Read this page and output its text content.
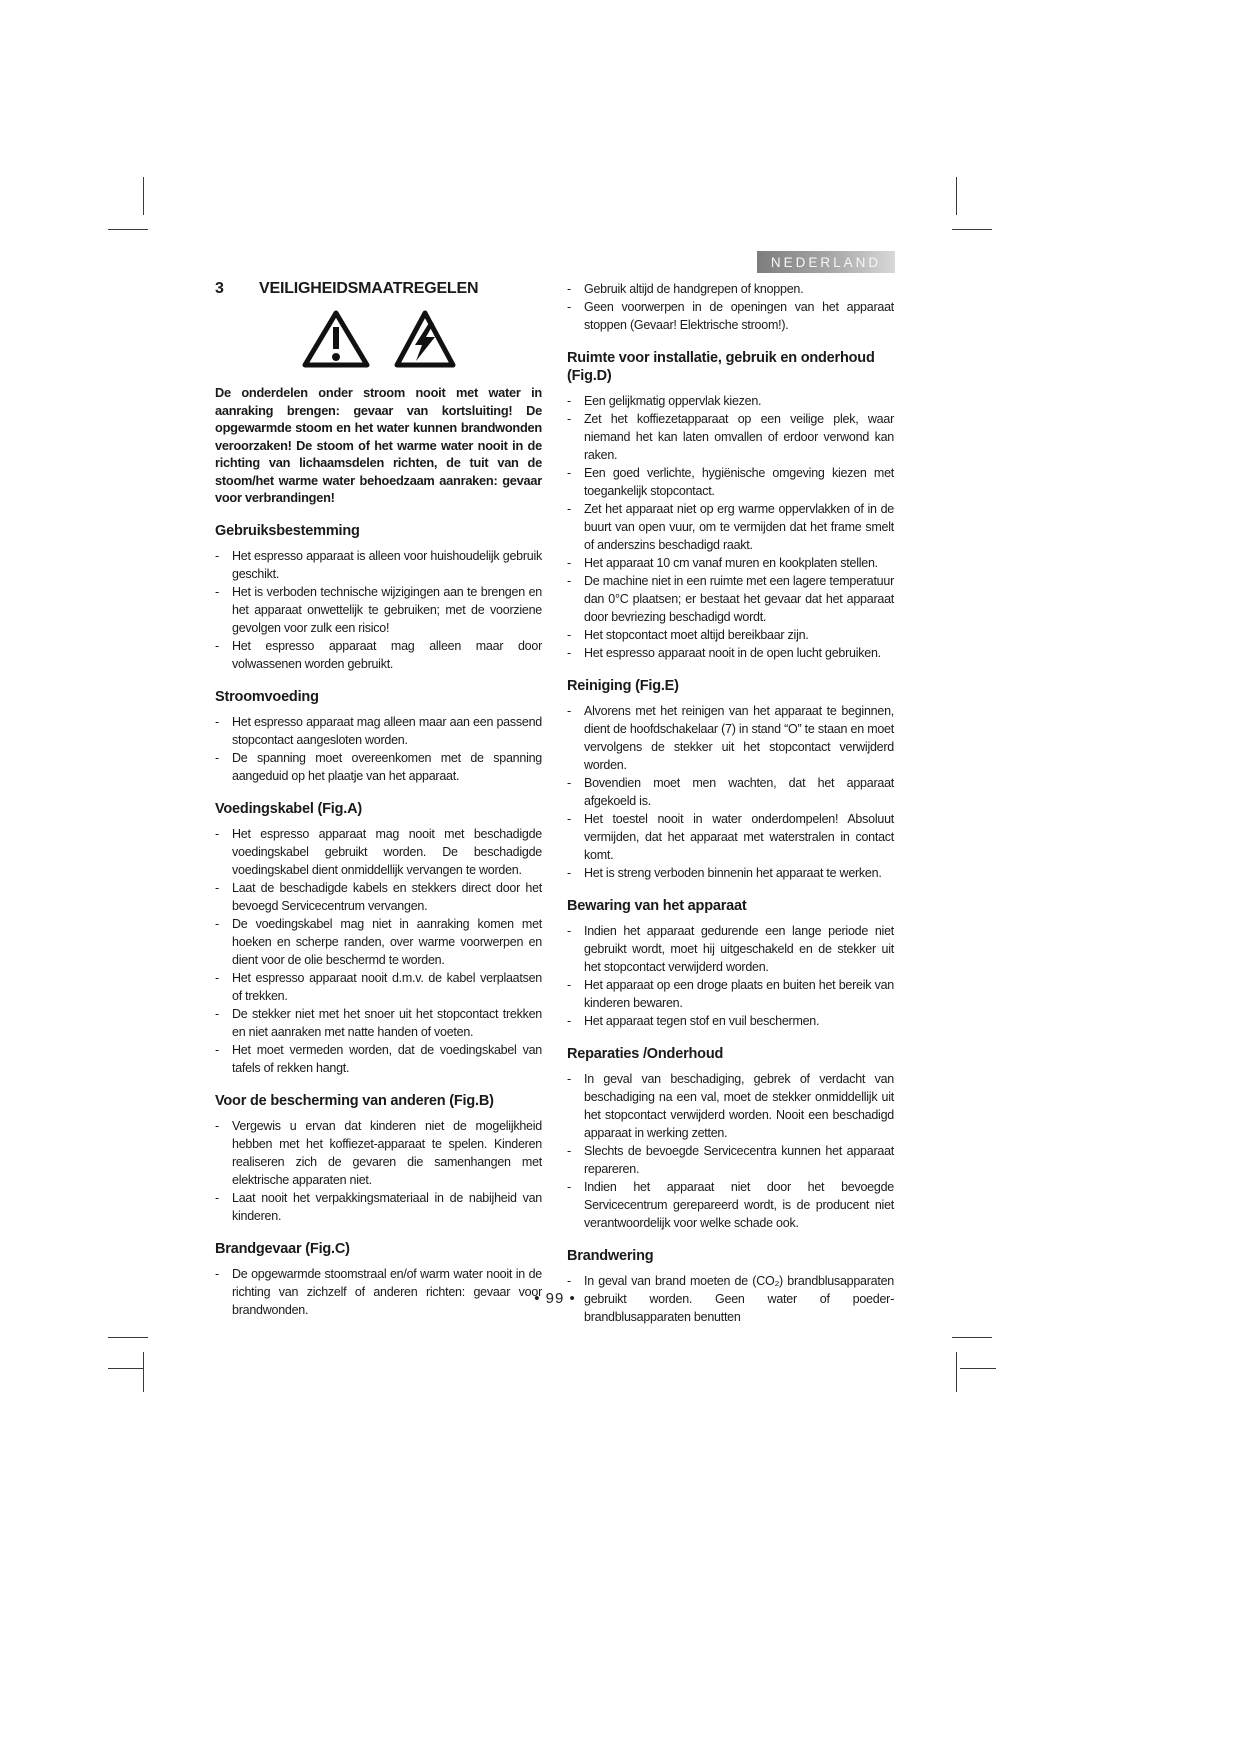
NEDERLAND
3	VEILIGHEIDSMAATREGELEN

De onderdelen onder stroom nooit met water in aanraking brengen: gevaar van kortsluiting! De opgewarmde stoom en het water kunnen brandwonden veroorzaken! De stoom of het warme water nooit in de richting van lichaamsdelen richten, de tuit van de stoom/het warme water behoedzaam aanraken: gevaar voor verbrandingen!

Gebruiksbestemming
-	Het espresso apparaat is alleen voor huishoudelijk gebruik geschikt.
-	Het is verboden technische wijzigingen aan te brengen en het apparaat onwettelijk te gebruiken; met de voorziene gevolgen voor zulk een risico!
-	Het espresso apparaat mag alleen maar door volwassenen worden gebruikt.
Stroomvoeding
-	Het espresso apparaat mag alleen maar aan een passend stopcontact aangesloten worden.
-	De spanning moet overeenkomen met de spanning aangeduid op het plaatje van het apparaat.
Voedingskabel (Fig.A)
-	Het espresso apparaat mag nooit met beschadigde voedingskabel gebruikt worden. De beschadigde voedingskabel dient onmiddellijk vervangen te worden.
-	Laat de beschadigde kabels en stekkers direct door het bevoegd Servicecentrum vervangen.
-	De voedingskabel mag niet in aanraking komen met hoeken en scherpe randen, over warme voorwerpen en dient voor de olie beschermd te worden.
-	Het espresso apparaat nooit d.m.v. de kabel verplaatsen of trekken.
-	De stekker niet met het snoer uit het stopcontact trekken en niet aanraken met natte handen of voeten.
-	Het moet vermeden worden, dat de voedingskabel van tafels of rekken hangt.
Voor de bescherming van anderen (Fig.B)
-	Vergewis u ervan dat kinderen niet de mogelijkheid hebben met het koffiezet-apparaat te spelen. Kinderen realiseren zich de gevaren die samenhangen met elektrische apparaten niet.
-	Laat nooit het verpakkingsmateriaal in de nabijheid van kinderen.
Brandgevaar (Fig.C)
-	De opgewarmde stoomstraal en/of warm water nooit in de richting van zichzelf of anderen richten: gevaar voor brandwonden.
-	Gebruik altijd de handgrepen of knoppen.
-	Geen voorwerpen in de openingen van het apparaat stoppen (Gevaar! Elektrische stroom!).
Ruimte voor installatie, gebruik en onderhoud (Fig.D)
-	Een gelijkmatig oppervlak kiezen.
-	Zet het koffiezetapparaat op een veilige plek, waar niemand het kan laten omvallen of erdoor verwond kan raken.
-	Een goed verlichte, hygiënische omgeving kiezen met toegankelijk stopcontact.
-	Zet het apparaat niet op erg warme oppervlakken of in de buurt van open vuur, om te vermijden dat het frame smelt of anderszins beschadigd raakt.
-	Het apparaat 10 cm vanaf muren en kookplaten stellen.
-	De machine niet in een ruimte met een lagere temperatuur dan 0°C plaatsen; er bestaat het gevaar dat het apparaat door bevriezing beschadigd wordt.
-	Het stopcontact moet altijd bereikbaar zijn.
-	Het espresso apparaat nooit in de open lucht gebruiken.
Reiniging (Fig.E)
-	Alvorens met het reinigen van het apparaat te beginnen, dient de hoofdschakelaar (7) in stand “O” te staan en moet vervolgens de stekker uit het stopcontact verwijderd worden.
-	Bovendien moet men wachten, dat het apparaat afgekoeld is.
-	Het toestel nooit in water onderdompelen! Absoluut vermijden, dat het apparaat met waterstralen in contact komt.
-	Het is streng verboden binnenin het apparaat te werken.
Bewaring van het apparaat
-	Indien het apparaat gedurende een lange periode niet gebruikt wordt, moet hij uitgeschakeld en de stekker uit het stopcontact verwijderd worden.
-	Het apparaat op een droge plaats en buiten het bereik van kinderen bewaren.
-	Het apparaat tegen stof en vuil beschermen.
Reparaties /Onderhoud
-	In geval van beschadiging, gebrek of verdacht van beschadiging na een val, moet de stekker onmiddellijk uit het stopcontact verwijderd worden. Nooit een beschadigd apparaat in werking zetten.
-	Slechts de bevoegde Servicecentra kunnen het apparaat repareren.
-	Indien het apparaat niet door het bevoegde Servicecentrum gerepareerd wordt, is de producent niet verantwoordelijk voor welke schade ook.
Brandwering
-	In geval van brand moeten de (CO₂) brandblusapparaten gebruikt worden. Geen water of poeder-brandblusapparaten benutten
• 99 •
